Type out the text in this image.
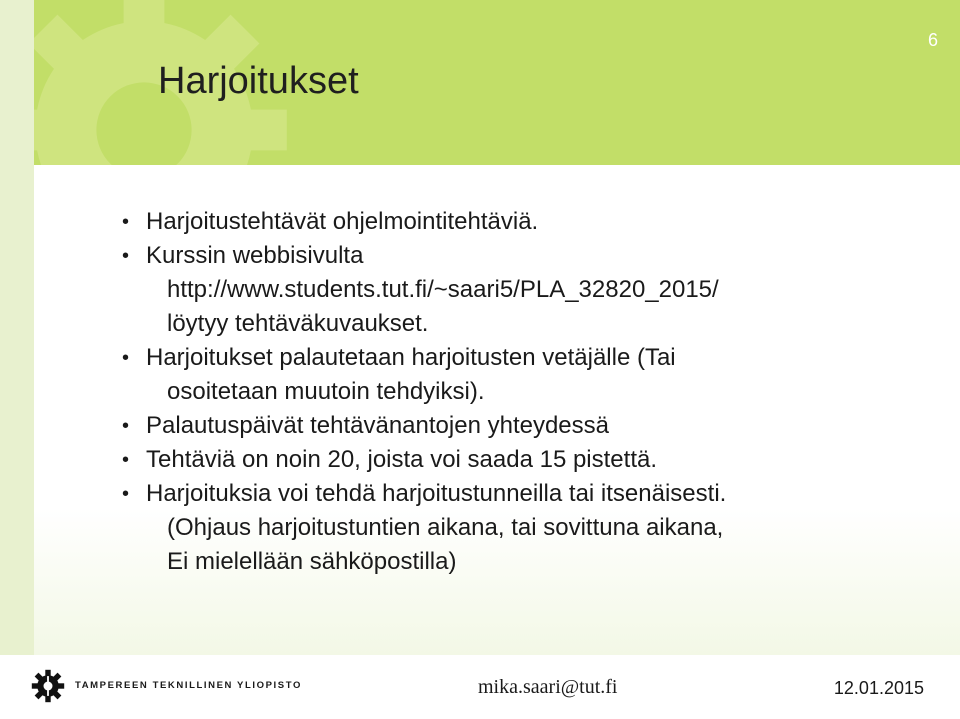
6
Harjoitukset
• Harjoitustehtävät ohjelmointitehtäviä.
• Kurssin webbisivulta
http://www.students.tut.fi/~saari5/PLA_32820_2015/
löytyy tehtäväkuvaukset.
• Harjoitukset palautetaan harjoitusten vetäjälle (Tai
osoitetaan muutoin tehdyiksi).
• Palautuspäivät tehtävänantojen yhteydessä
• Tehtäviä on noin 20, joista voi saada 15 pistettä.
• Harjoituksia voi tehdä harjoitustunneilla tai itsenäisesti.
(Ohjaus harjoitustuntien aikana, tai sovittuna aikana,
Ei mielellään sähköpostilla)
TAMPEREEN TEKNILLINEN YLIOPISTO	mika.saari@tut.fi	12.01.2015
